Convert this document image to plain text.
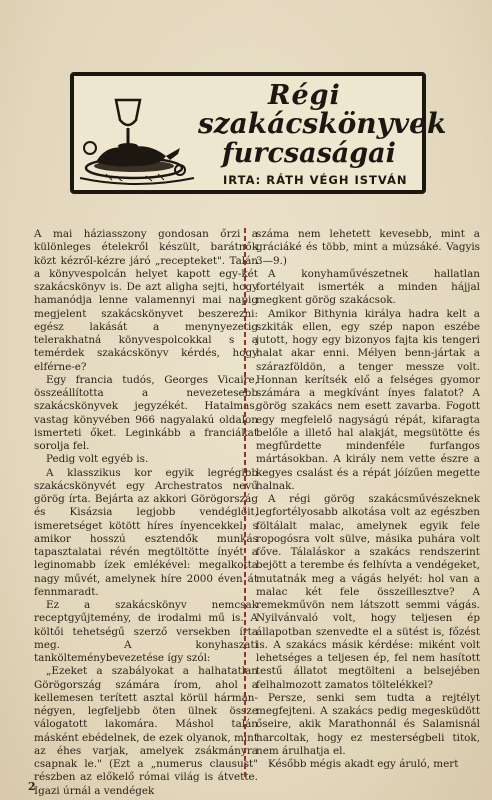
Régi
szakácskönyvek
furcsaságai
IRTA: RÁTH VÉGH ISTVÁN

A mai háziasszony gondosan őrzi a különleges ételekről készült, barátnők közt kézről-kézre járó „recepteket". Talán a könyvespolcán helyet kapott egy-két szakácskönyv is. De azt aligha sejti, hogy hamanódja lenne valamennyi mai napig megjelent szakácskönyvet beszerezni: egész lakását a menynyezetig telerakhatná könyvespolcokkal s a temérdek szakácskönyv kérdés, hogy elférne-e?

Egy francia tudós, Georges Vicaire, összeállította a nevezetesebb szakácskönyvek jegyzékét. Hatalmas, vastag könyvében 966 nagyalakú oldalon ismerteti őket. Leginkább a franciákat sorolja fel.

Pedig volt egyéb is.

A klasszikus kor egyik legrégibb szakácskönyvét egy Archestratos nevű görög írta. Bejárta az akkori Görögország és Kisázsia legjobb vendéglőit, ismeretséget kötött híres ínyencekkel, s amikor hosszú esztendők munkás tapasztalatai révén megtöltötte ínyét a leginomabb ízek emlékével: megalkotta nagy művét, amelynek híre 2000 éven át fennmaradt.

Ez a szakácskönyv nemcsak receptgyűjtemény, de irodalmi mű is. A költői tehetségű szerző versekben írta meg. A konyhaszati tankölteménybevezetése így szól:

„Ezeket a szabályokat a halhatatlan Görögország számára írom, ahol a kellemesen terített asztal körül hárman-négyen, legfeljebb öten ülnek össze válogatott lakomára. Máshol talán másként ebédelnek, de ezek olyanok, mint az éhes varjak, amelyek zsákmányra csapnak le." (Ezt a „numerus clausust" részben az előkelő római világ is átvette. Igazi úrnál a vendégek

száma nem lehetett kevesebb, mint a gráciáké és több, mint a múzsáké. Vagyis 3—9.)

A konyhaművészetnek hallatlan fortélyait ismerték a minden hájjal megkent görög szakácsok.

Amikor Bithynia királya hadra kelt a szkiták ellen, egy szép napon eszébe jutott, hogy egy bizonyos fajta kis tengeri halat akar enni. Mélyen benn-jártak a szárazföldön, a tenger messze volt. Honnan kerítsék elő a felséges gyomor számára a megkívánt ínyes falatot? A görög szakács nem esett zavarba. Fogott egy megfelelő nagyságú répát, kifaragta belőle a illető hal alakját, megsütötte és megfűrdette mindenféle furfangos mártásokban. A király nem vette észre a kegyes csalást és a répát jóízűen megette halnak.

A régi görög szakácsművészeknek legfortélyosabb alkotása volt az egészben föltálalt malac, amelynek egyik fele ropogósra volt sülve, másika puhára volt főve. Tálaláskor a szakács rendszerint bejött a terembe és felhívta a vendégeket, mutatnák meg a vágás helyét: hol van a malac két fele összeillesztve? A remekművön nem látszott semmi vágás. Nyilvánvaló volt, hogy teljesen ép állapotban szenvedte el a sütést is, főzést is. A szakács másik kérdése: miként volt lehetséges a teljesen ép, fel nem hasított testű állatot megtölteni a belsejében felhalmozott zamatos töltelékkel?

Persze, senki sem tudta a rejtélyt megfejteni. A szakács pedig megesküdött őseire, akik Marathonnál és Salamisnál harcoltak, hogy ez mesterségbeli titok, nem árulhatja el.

Később mégis akadt egy áruló, mert

2
